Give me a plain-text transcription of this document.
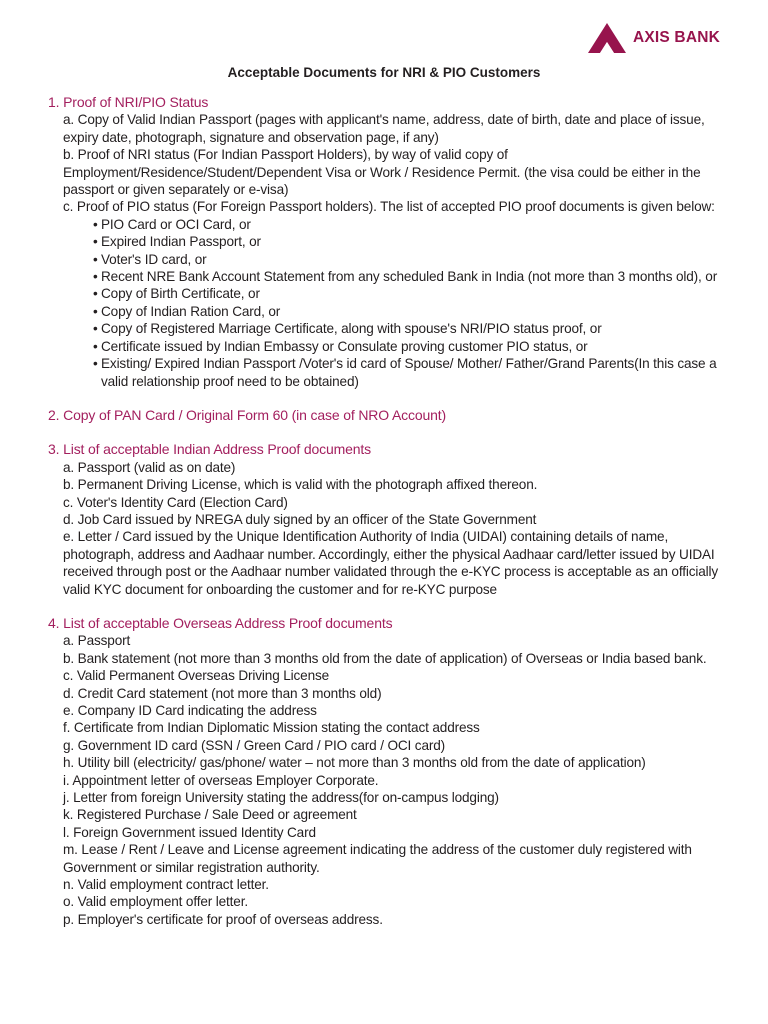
AXIS BANK
Acceptable Documents for NRI & PIO Customers
1. Proof of NRI/PIO Status
a. Copy of Valid Indian Passport (pages with applicant's name, address, date of birth, date and place of issue, expiry date, photograph, signature and observation page, if any)
b. Proof of NRI status (For Indian Passport Holders), by way of valid copy of Employment/Residence/Student/Dependent Visa or Work / Residence Permit. (the visa could be either in the passport or given separately or e-visa)
c. Proof of PIO status (For Foreign Passport holders). The list of accepted PIO proof documents is given below:
• PIO Card or OCI Card, or
• Expired Indian Passport, or
• Voter's ID card, or
• Recent NRE Bank Account Statement from any scheduled Bank in India (not more than 3 months old), or
• Copy of Birth Certificate, or
• Copy of Indian Ration Card, or
• Copy of Registered Marriage Certificate, along with spouse's NRI/PIO status proof, or
• Certificate issued by Indian Embassy or Consulate proving customer PIO status, or
• Existing/ Expired Indian Passport /Voter's id card of Spouse/ Mother/ Father/Grand Parents(In this case a valid relationship proof need to be obtained)
2. Copy of PAN Card / Original Form 60 (in case of NRO Account)
3. List of acceptable Indian Address Proof documents
a. Passport (valid as on date)
b. Permanent Driving License, which is valid with the photograph affixed thereon.
c. Voter's Identity Card (Election Card)
d. Job Card issued by NREGA duly signed by an officer of the State Government
e. Letter / Card issued by the Unique Identification Authority of India (UIDAI) containing details of name, photograph, address and Aadhaar number. Accordingly, either the physical Aadhaar card/letter issued by UIDAI received through post or the Aadhaar number validated through the e-KYC process is acceptable as an officially valid KYC document for onboarding the customer and for re-KYC purpose
4. List of acceptable Overseas Address Proof documents
a. Passport
b. Bank statement (not more than 3 months old from the date of application) of Overseas or India based bank.
c. Valid Permanent Overseas Driving License
d. Credit Card statement (not more than 3 months old)
e. Company ID Card indicating the address
f. Certificate from Indian Diplomatic Mission stating the contact address
g. Government ID card (SSN / Green Card / PIO card / OCI card)
h. Utility bill (electricity/ gas/phone/ water – not more than 3 months old from the date of application)
i. Appointment letter of overseas Employer Corporate.
j. Letter from foreign University stating the address(for on-campus lodging)
k. Registered Purchase / Sale Deed or agreement
l. Foreign Government issued Identity Card
m. Lease / Rent / Leave and License agreement indicating the address of the customer duly registered with Government or similar registration authority.
n. Valid employment contract letter.
o. Valid employment offer letter.
p. Employer's certificate for proof of overseas address.
